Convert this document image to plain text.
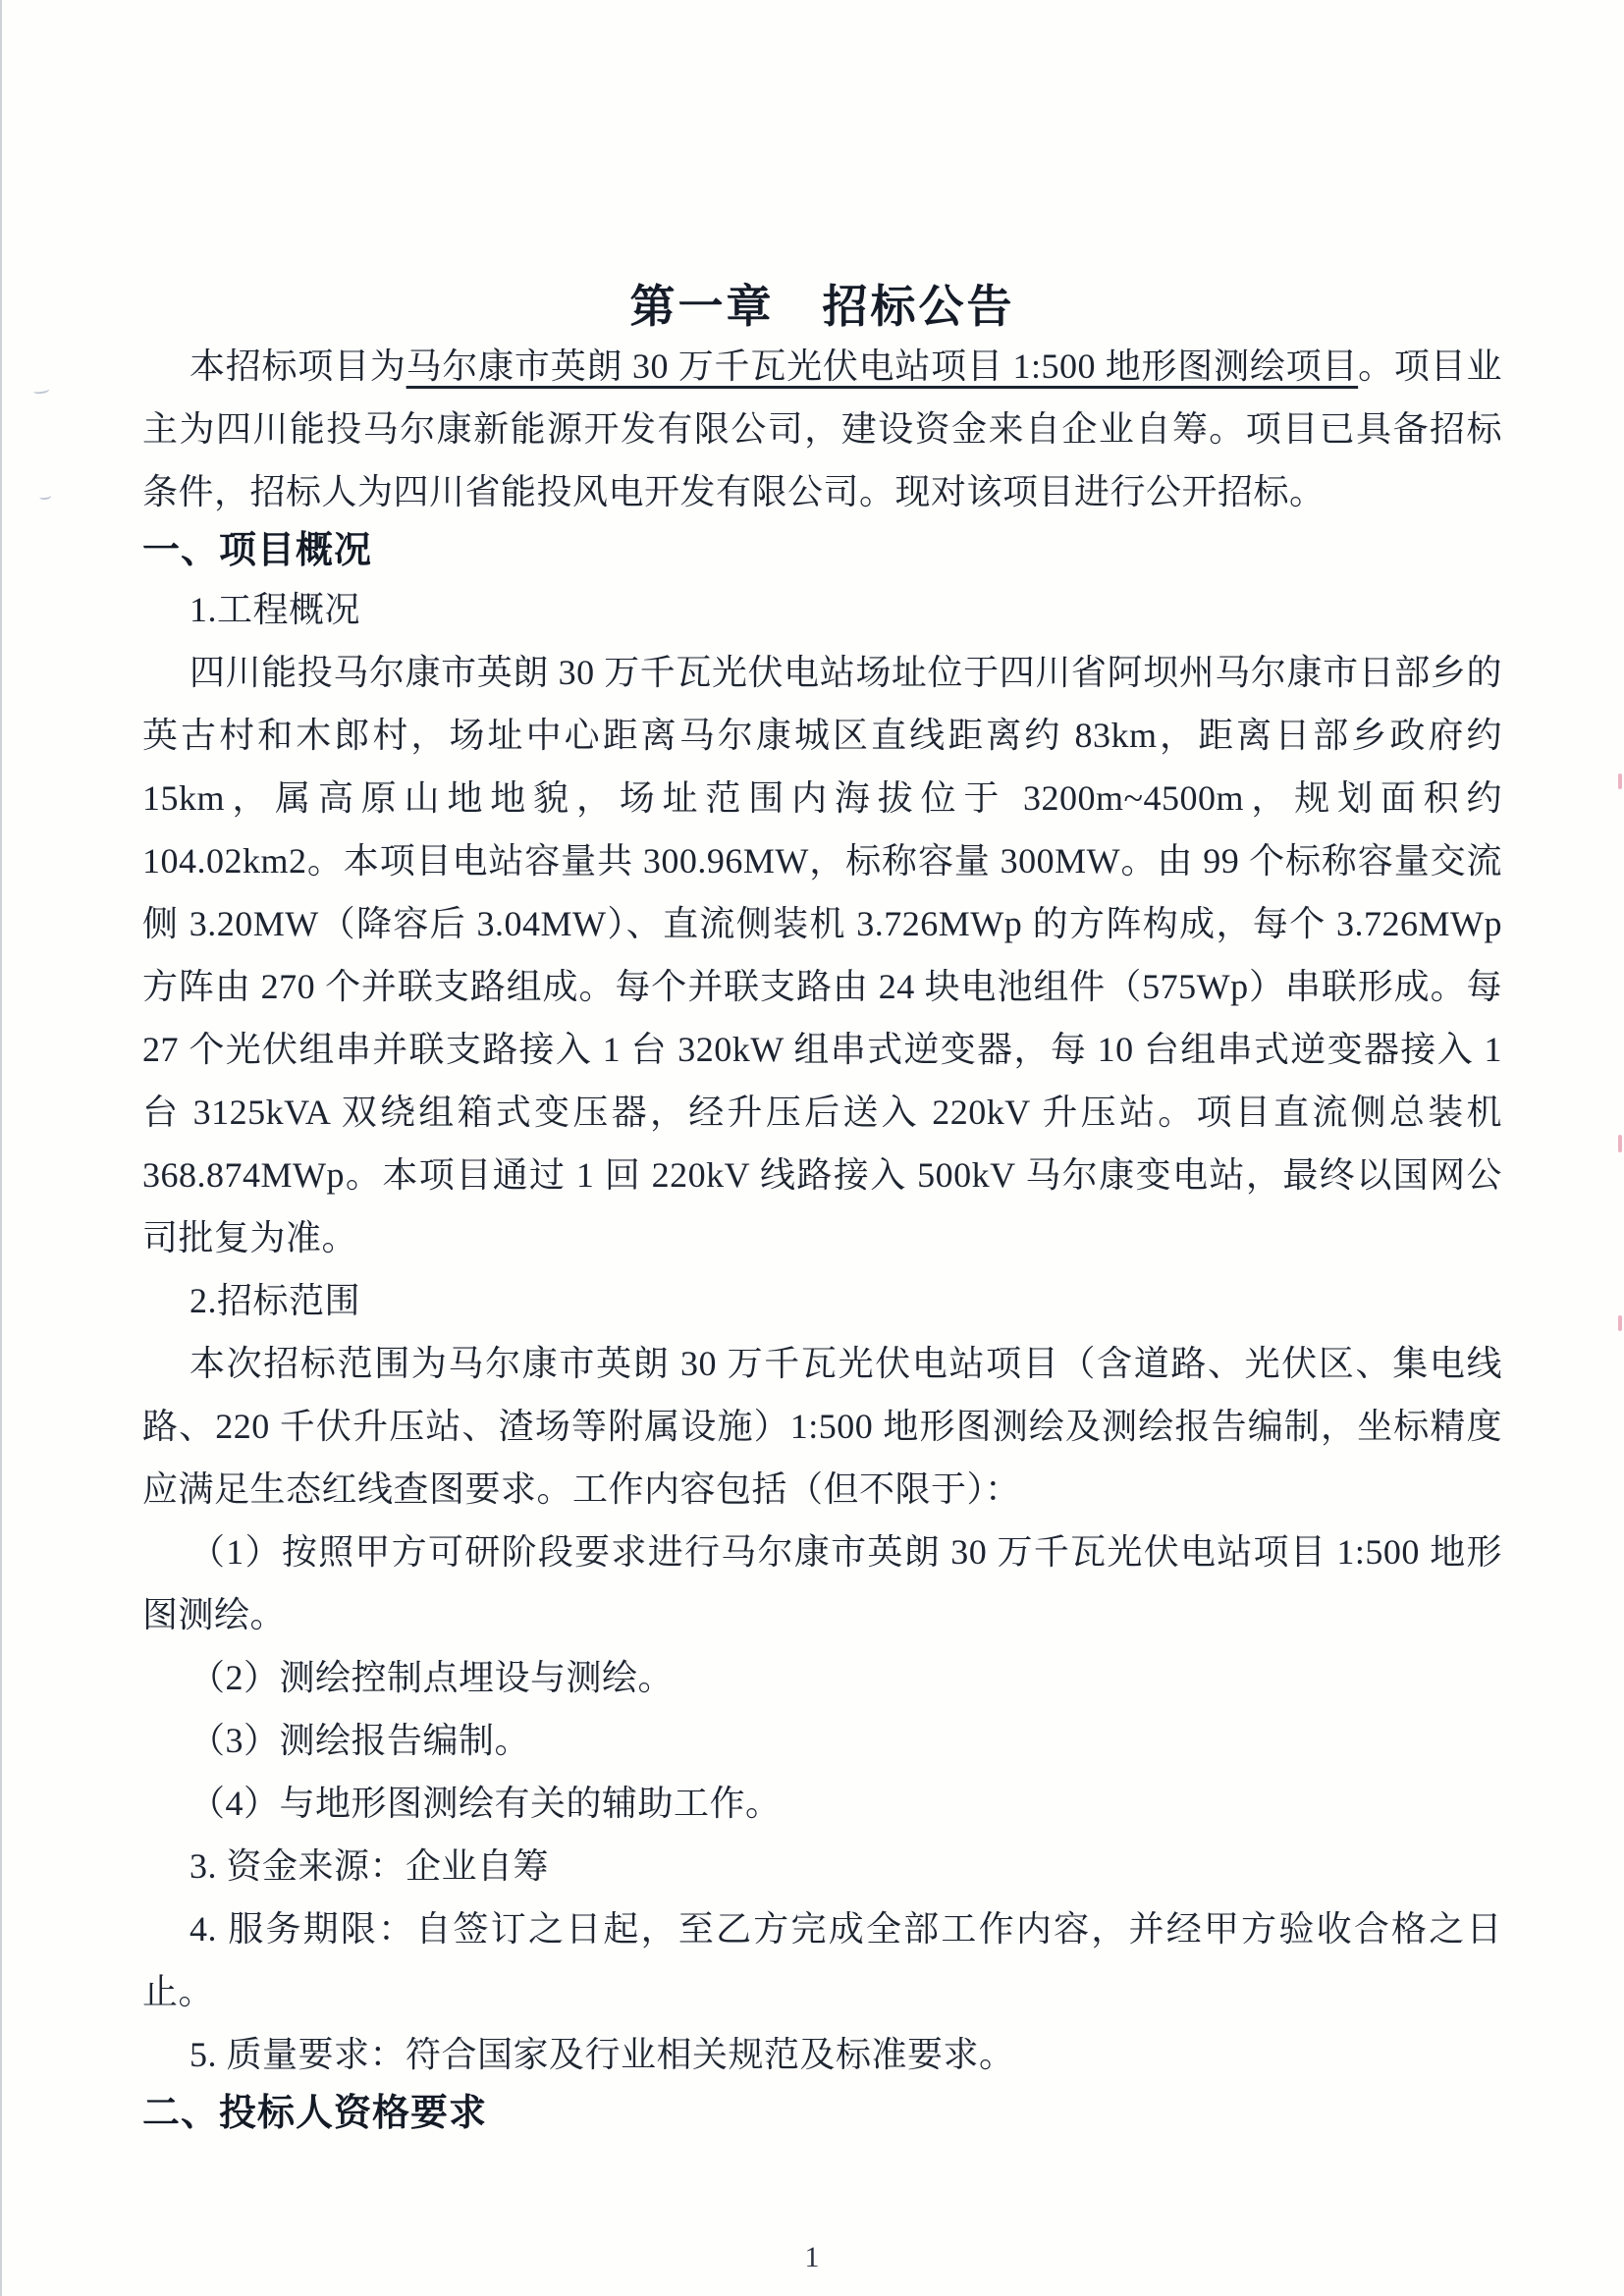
第一章　招标公告

本招标项目为马尔康市英朗 30 万千瓦光伏电站项目 1:500 地形图测绘项目。项目业主为四川能投马尔康新能源开发有限公司，建设资金来自企业自筹。项目已具备招标条件，招标人为四川省能投风电开发有限公司。现对该项目进行公开招标。

一、项目概况

1.工程概况

四川能投马尔康市英朗 30 万千瓦光伏电站场址位于四川省阿坝州马尔康市日部乡的英古村和木郎村，场址中心距离马尔康城区直线距离约 83km，距离日部乡政府约 15km，属高原山地地貌，场址范围内海拔位于 3200m~4500m，规划面积约 104.02km2。本项目电站容量共 300.96MW，标称容量 300MW。由 99 个标称容量交流侧 3.20MW（降容后 3.04MW）、直流侧装机 3.726MWp 的方阵构成，每个 3.726MWp 方阵由 270 个并联支路组成。每个并联支路由 24 块电池组件（575Wp）串联形成。每 27 个光伏组串并联支路接入 1 台 320kW 组串式逆变器，每 10 台组串式逆变器接入 1 台 3125kVA 双绕组箱式变压器，经升压后送入 220kV 升压站。项目直流侧总装机 368.874MWp。本项目通过 1 回 220kV 线路接入 500kV 马尔康变电站，最终以国网公司批复为准。

2.招标范围

本次招标范围为马尔康市英朗 30 万千瓦光伏电站项目（含道路、光伏区、集电线路、220 千伏升压站、渣场等附属设施）1:500 地形图测绘及测绘报告编制，坐标精度应满足生态红线查图要求。工作内容包括（但不限于）：

（1）按照甲方可研阶段要求进行马尔康市英朗 30 万千瓦光伏电站项目 1:500 地形图测绘。

（2）测绘控制点埋设与测绘。

（3）测绘报告编制。

（4）与地形图测绘有关的辅助工作。

3. 资金来源：企业自筹

4. 服务期限：自签订之日起，至乙方完成全部工作内容，并经甲方验收合格之日止。

5. 质量要求：符合国家及行业相关规范及标准要求。

二、投标人资格要求
1
